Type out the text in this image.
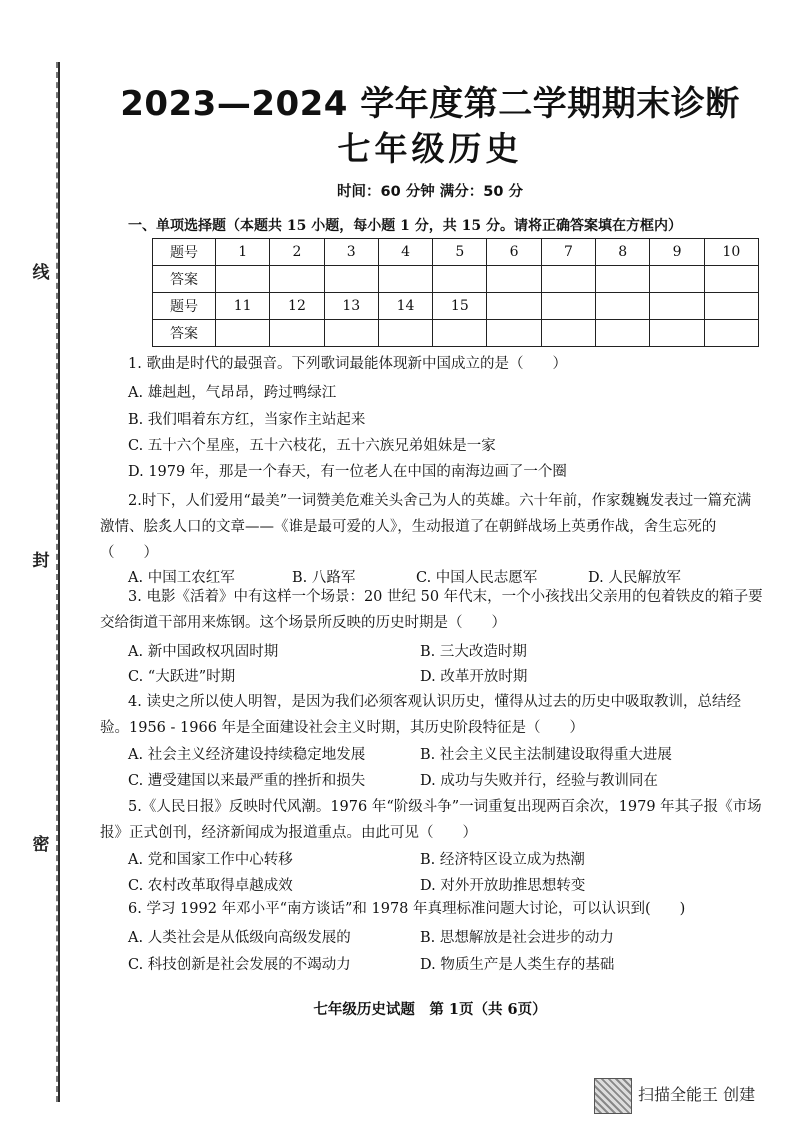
线
封
密
2023—2024 学年度第二学期期末诊断
七年级历史
时间：60 分钟 满分：50 分
一、单项选择题（本题共 15 小题，每小题 1 分，共 15 分。请将正确答案填在方框内）
题号	1	2	3	4	5	6	7	8	9	10
答案										
题号	11	12	13	14	15					
答案										
1. 歌曲是时代的最强音。下列歌词最能体现新中国成立的是（　　）
A. 雄赳赳，气昂昂，跨过鸭绿江
B. 我们唱着东方红，当家作主站起来
C. 五十六个星座，五十六枝花，五十六族兄弟姐妹是一家
D. 1979 年，那是一个春天，有一位老人在中国的南海边画了一个圈
2.时下，人们爱用“最美”一词赞美危难关头舍己为人的英雄。六十年前，作家魏巍发表过一篇充满激情、脍炙人口的文章——《谁是最可爱的人》，生动报道了在朝鲜战场上英勇作战，舍生忘死的（　　）
A. 中国工农红军	B. 八路军	C. 中国人民志愿军	D. 人民解放军
3. 电影《活着》中有这样一个场景：20 世纪 50 年代末，一个小孩找出父亲用的包着铁皮的箱子要交给街道干部用来炼钢。这个场景所反映的历史时期是（　　）
A. 新中国政权巩固时期	B. 三大改造时期
C. “大跃进”时期	D. 改革开放时期
4. 读史之所以使人明智，是因为我们必须客观认识历史，懂得从过去的历史中吸取教训，总结经验。1956 - 1966 年是全面建设社会主义时期，其历史阶段特征是（　　）
A. 社会主义经济建设持续稳定地发展	B. 社会主义民主法制建设取得重大进展
C. 遭受建国以来最严重的挫折和损失	D. 成功与失败并行，经验与教训同在
5.《人民日报》反映时代风潮。1976 年“阶级斗争”一词重复出现两百余次，1979 年其子报《市场报》正式创刊，经济新闻成为报道重点。由此可见（　　）
A. 党和国家工作中心转移	B. 经济特区设立成为热潮
C. 农村改革取得卓越成效	D. 对外开放助推思想转变
6. 学习 1992 年邓小平“南方谈话”和 1978 年真理标准问题大讨论，可以认识到(　　)
A. 人类社会是从低级向高级发展的	B. 思想解放是社会进步的动力
C. 科技创新是社会发展的不竭动力	D. 物质生产是人类生存的基础
七年级历史试题　第 1页（共 6页）
扫描全能王 创建
